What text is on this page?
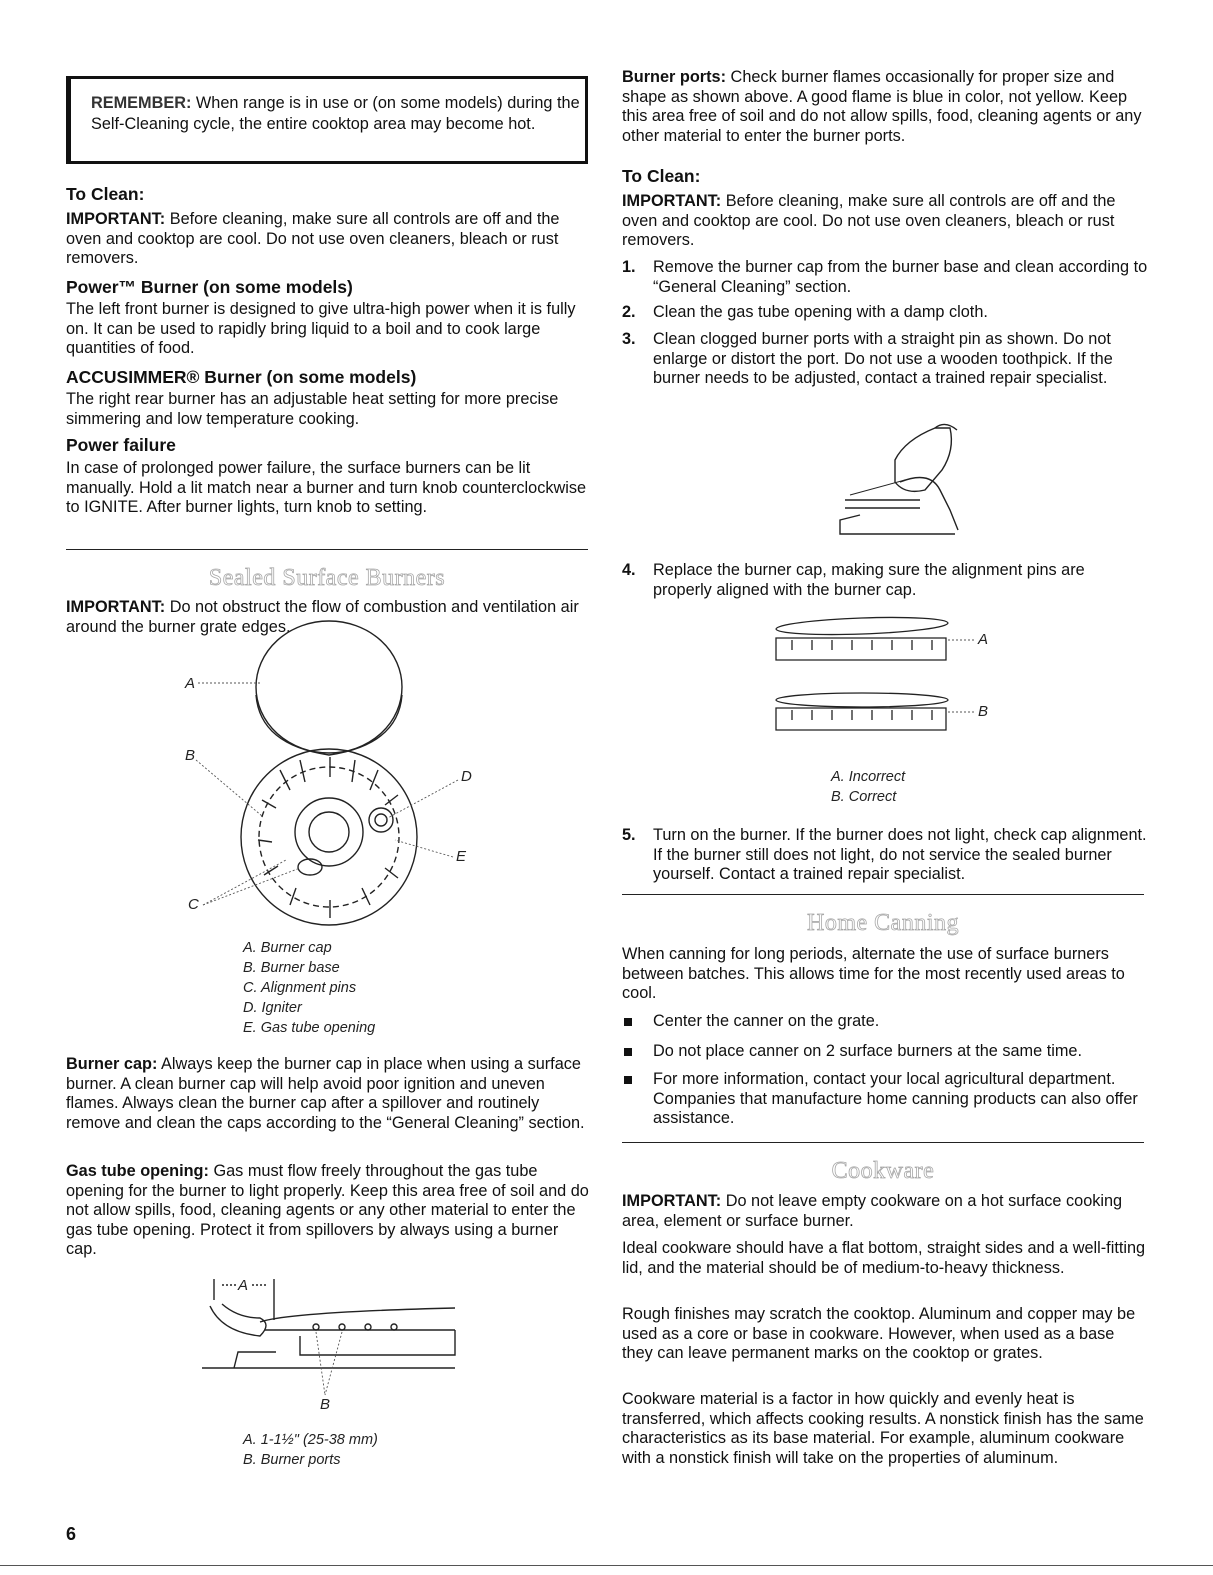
REMEMBER: When range is in use or (on some models) during the Self-Cleaning cycle, the entire cooktop area may become hot.
To Clean:

IMPORTANT: Before cleaning, make sure all controls are off and the oven and cooktop are cool. Do not use oven cleaners, bleach or rust removers.

Power™ Burner (on some models)

The left front burner is designed to give ultra-high power when it is fully on. It can be used to rapidly bring liquid to a boil and to cook large quantities of food.

ACCUSIMMER® Burner (on some models)

The right rear burner has an adjustable heat setting for more precise simmering and low temperature cooking.

Power failure

In case of prolonged power failure, the surface burners can be lit manually. Hold a lit match near a burner and turn knob counterclockwise to IGNITE. After burner lights, turn knob to setting.

Sealed Surface Burners

IMPORTANT: Do not obstruct the flow of combustion and ventilation air around the burner grate edges.

A
B
C
D
E
A. Burner cap
B. Burner base
C. Alignment pins
D. Igniter
E. Gas tube opening

Burner cap: Always keep the burner cap in place when using a surface burner. A clean burner cap will help avoid poor ignition and uneven flames. Always clean the burner cap after a spillover and routinely remove and clean the caps according to the “General Cleaning” section.

Gas tube opening: Gas must flow freely throughout the gas tube opening for the burner to light properly. Keep this area free of soil and do not allow spills, food, cleaning agents or any other material to enter the gas tube opening. Protect it from spillovers by always using a burner cap.

A
B
A. 1-1½" (25-38 mm)
B. Burner ports
6

Burner ports: Check burner flames occasionally for proper size and shape as shown above. A good flame is blue in color, not yellow. Keep this area free of soil and do not allow spills, food, cleaning agents or any other material to enter the burner ports.

To Clean:

IMPORTANT: Before cleaning, make sure all controls are off and the oven and cooktop are cool. Do not use oven cleaners, bleach or rust removers.

1. Remove the burner cap from the burner base and clean according to “General Cleaning” section.
2. Clean the gas tube opening with a damp cloth.
3. Clean clogged burner ports with a straight pin as shown. Do not enlarge or distort the port. Do not use a wooden toothpick. If the burner needs to be adjusted, contact a trained repair specialist.
4. Replace the burner cap, making sure the alignment pins are properly aligned with the burner cap.
A
B
A. Incorrect
B. Correct
5. Turn on the burner. If the burner does not light, check cap alignment. If the burner still does not light, do not service the sealed burner yourself. Contact a trained repair specialist.
Home Canning

When canning for long periods, alternate the use of surface burners between batches. This allows time for the most recently used areas to cool.

Center the canner on the grate.
Do not place canner on 2 surface burners at the same time.
For more information, contact your local agricultural department. Companies that manufacture home canning products can also offer assistance.
Cookware

IMPORTANT: Do not leave empty cookware on a hot surface cooking area, element or surface burner.

Ideal cookware should have a flat bottom, straight sides and a well-fitting lid, and the material should be of medium-to-heavy thickness.

Rough finishes may scratch the cooktop. Aluminum and copper may be used as a core or base in cookware. However, when used as a base they can leave permanent marks on the cooktop or grates.

Cookware material is a factor in how quickly and evenly heat is transferred, which affects cooking results. A nonstick finish has the same characteristics as its base material. For example, aluminum cookware with a nonstick finish will take on the properties of aluminum.
